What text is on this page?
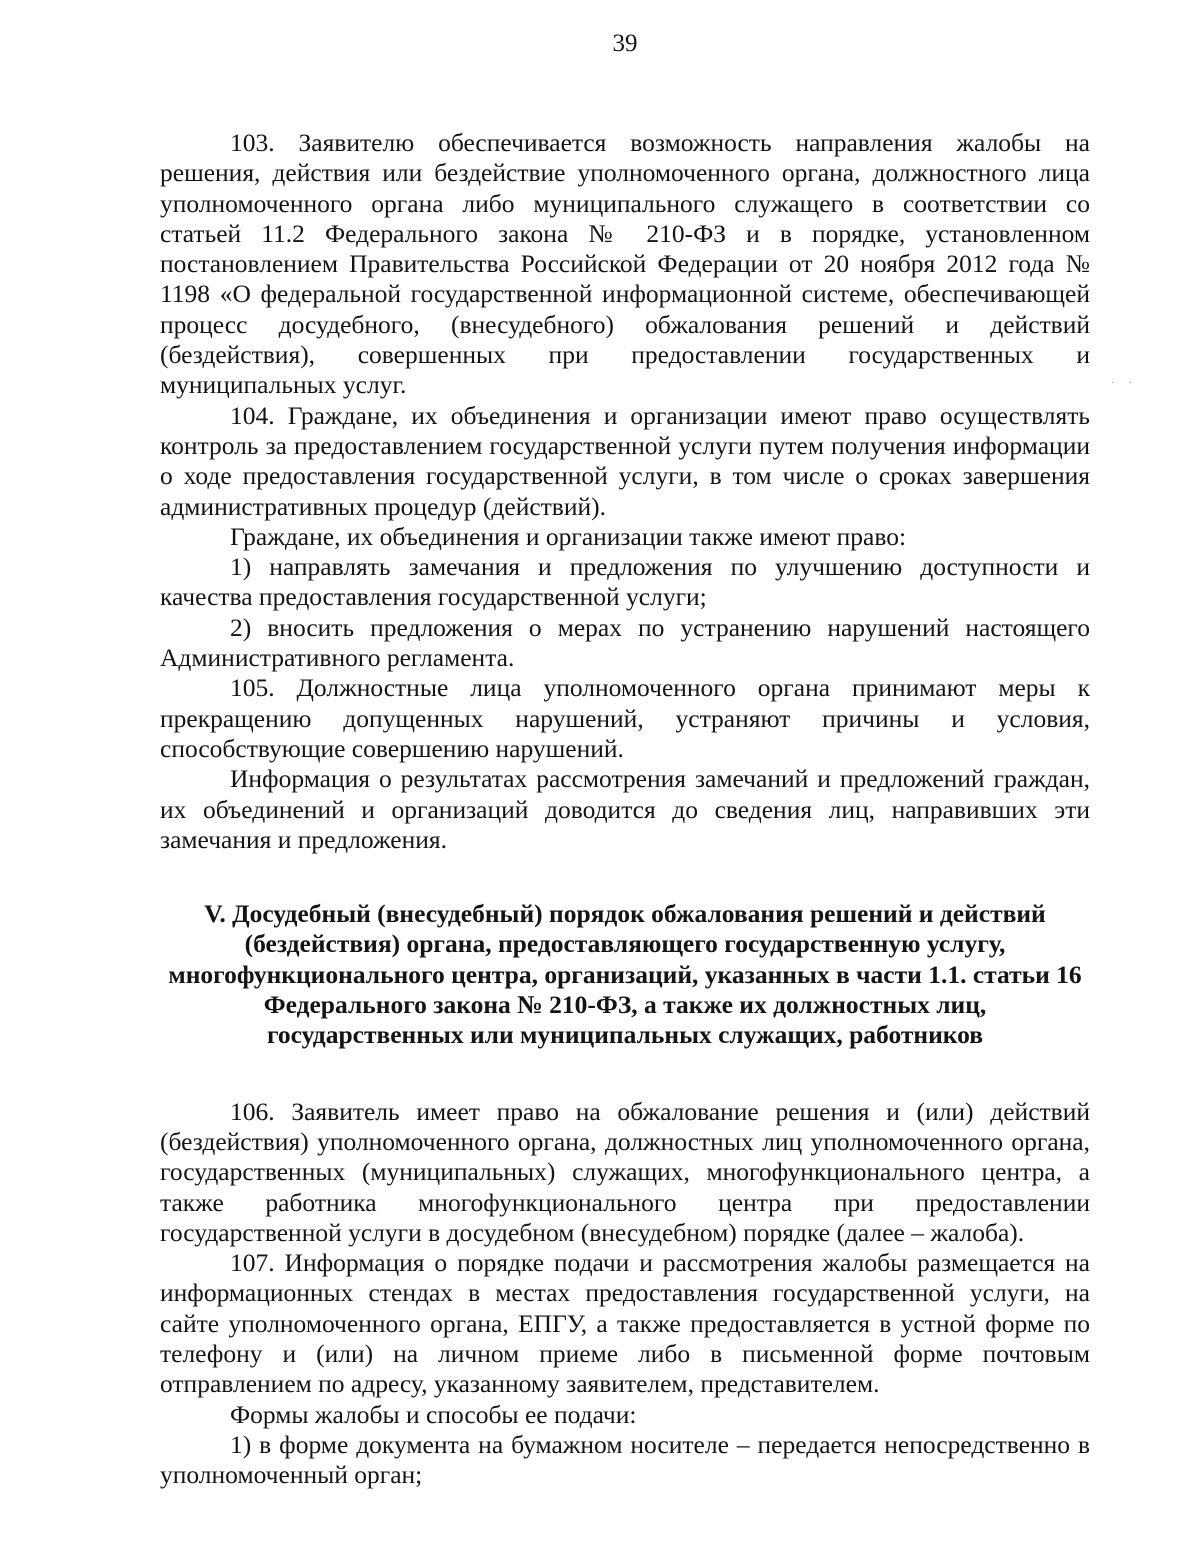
39
· ·

103. Заявителю обеспечивается возможность направления жалобы на решения, действия или бездействие уполномоченного органа, должностного лица уполномоченного органа либо муниципального служащего в соответствии со статьей 11.2 Федерального закона № 210-ФЗ и в порядке, установленном постановлением Правительства Российской Федерации от 20 ноября 2012 года № 1198 «О федеральной государственной информационной системе, обеспечивающей процесс досудебного, (внесудебного) обжалования решений и действий (бездействия), совершенных при предоставлении государственных и муниципальных услуг.

104. Граждане, их объединения и организации имеют право осуществлять контроль за предоставлением государственной услуги путем получения информации о ходе предоставления государственной услуги, в том числе о сроках завершения административных процедур (действий).

Граждане, их объединения и организации также имеют право:

1) направлять замечания и предложения по улучшению доступности и качества предоставления государственной услуги;

2) вносить предложения о мерах по устранению нарушений настоящего Административного регламента.

105. Должностные лица уполномоченного органа принимают меры к прекращению допущенных нарушений, устраняют причины и условия, способствующие совершению нарушений.

Информация о результатах рассмотрения замечаний и предложений граждан, их объединений и организаций доводится до сведения лиц, направивших эти замечания и предложения.

V. Досудебный (внесудебный) порядок обжалования решений и действий
(бездействия) органа, предоставляющего государственную услугу,
многофункционального центра, организаций, указанных в части 1.1. статьи 16
Федерального закона № 210-ФЗ, а также их должностных лиц,
государственных или муниципальных служащих, работников

106. Заявитель имеет право на обжалование решения и (или) действий (бездействия) уполномоченного органа, должностных лиц уполномоченного органа, государственных (муниципальных) служащих, многофункционального центра, а также работника многофункционального центра при предоставлении государственной услуги в досудебном (внесудебном) порядке (далее – жалоба).

107. Информация о порядке подачи и рассмотрения жалобы размещается на информационных стендах в местах предоставления государственной услуги, на сайте уполномоченного органа, ЕПГУ, а также предоставляется в устной форме по телефону и (или) на личном приеме либо в письменной форме почтовым отправлением по адресу, указанному заявителем, представителем.

Формы жалобы и способы ее подачи:

1) в форме документа на бумажном носителе – передается непосредственно в уполномоченный орган;
